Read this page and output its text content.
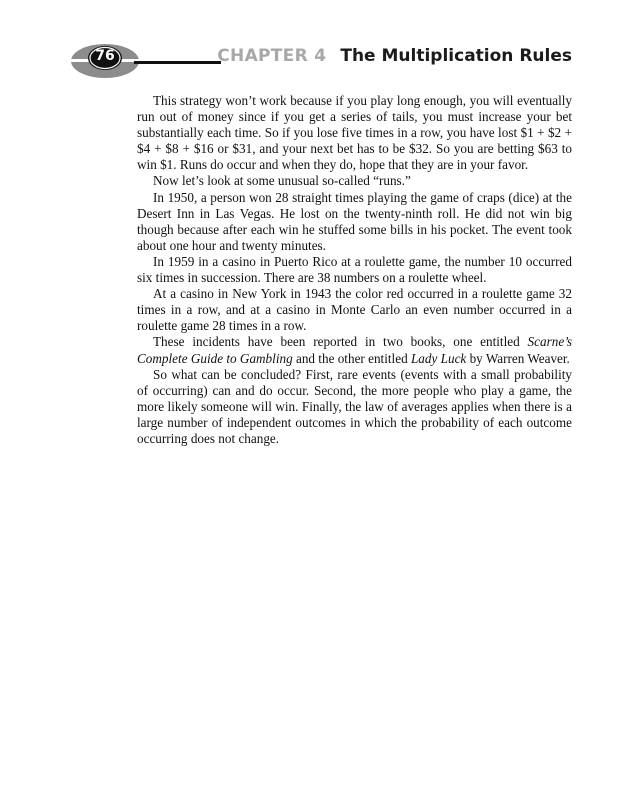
76	CHAPTER 4 The Multiplication Rules

This strategy won’t work because if you play long enough, you will eventually run out of money since if you get a series of tails, you must increase your bet substantially each time. So if you lose five times in a row, you have lost $1 + $2 + $4 + $8 + $16 or $31, and your next bet has to be $32. So you are betting $63 to win $1. Runs do occur and when they do, hope that they are in your favor.

Now let’s look at some unusual so-called “runs.”

In 1950, a person won 28 straight times playing the game of craps (dice) at the Desert Inn in Las Vegas. He lost on the twenty-ninth roll. He did not win big though because after each win he stuffed some bills in his pocket. The event took about one hour and twenty minutes.

In 1959 in a casino in Puerto Rico at a roulette game, the number 10 occurred six times in succession. There are 38 numbers on a roulette wheel.

At a casino in New York in 1943 the color red occurred in a roulette game 32 times in a row, and at a casino in Monte Carlo an even number occurred in a roulette game 28 times in a row.

These incidents have been reported in two books, one entitled Scarne’s Complete Guide to Gambling and the other entitled Lady Luck by Warren Weaver.

So what can be concluded? First, rare events (events with a small probability of occurring) can and do occur. Second, the more people who play a game, the more likely someone will win. Finally, the law of averages applies when there is a large number of independent outcomes in which the probability of each outcome occurring does not change.
